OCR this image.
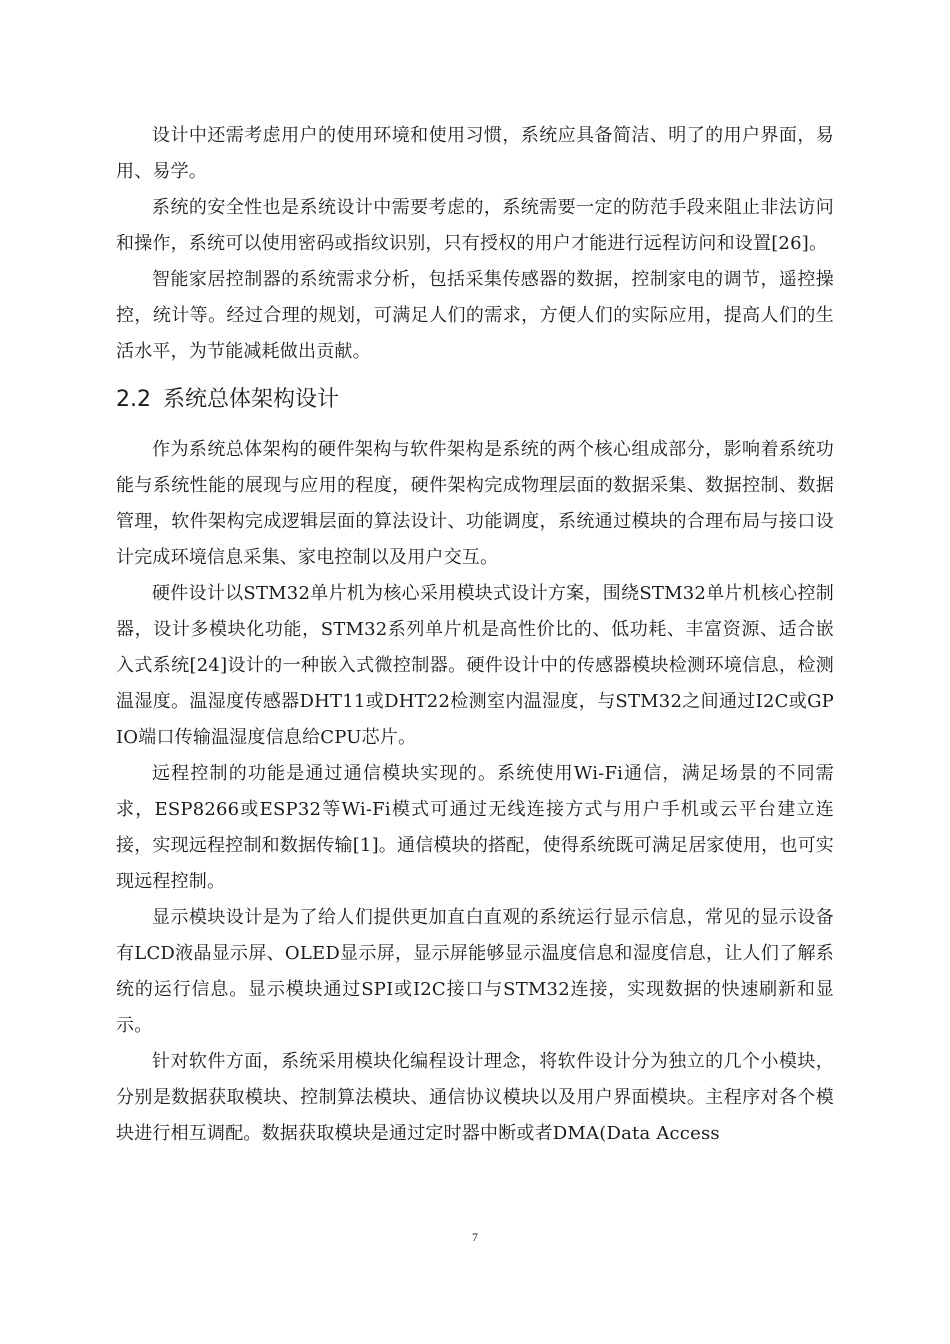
设计中还需考虑用户的使用环境和使用习惯，系统应具备简洁、明了的用户界面，易用、易学。

系统的安全性也是系统设计中需要考虑的，系统需要一定的防范手段来阻止非法访问和操作，系统可以使用密码或指纹识别，只有授权的用户才能进行远程访问和设置[26]。

智能家居控制器的系统需求分析，包括采集传感器的数据，控制家电的调节，遥控操控，统计等。经过合理的规划，可满足人们的需求，方便人们的实际应用，提高人们的生活水平，为节能减耗做出贡献。

2.2 系统总体架构设计

作为系统总体架构的硬件架构与软件架构是系统的两个核心组成部分，影响着系统功能与系统性能的展现与应用的程度，硬件架构完成物理层面的数据采集、数据控制、数据管理，软件架构完成逻辑层面的算法设计、功能调度，系统通过模块的合理布局与接口设计完成环境信息采集、家电控制以及用户交互。

硬件设计以STM32单片机为核心采用模块式设计方案，围绕STM32单片机核心控制器，设计多模块化功能，STM32系列单片机是高性价比的、低功耗、丰富资源、适合嵌入式系统[24]设计的一种嵌入式微控制器。硬件设计中的传感器模块检测环境信息，检测温湿度。温湿度传感器DHT11或DHT22检测室内温湿度，与STM32之间通过I2C或GPIO端口传输温湿度信息给CPU芯片。

远程控制的功能是通过通信模块实现的。系统使用Wi-Fi通信，满足场景的不同需求，ESP8266或ESP32等Wi-Fi模式可通过无线连接方式与用户手机或云平台建立连接，实现远程控制和数据传输[1]。通信模块的搭配，使得系统既可满足居家使用，也可实现远程控制。

显示模块设计是为了给人们提供更加直白直观的系统运行显示信息，常见的显示设备有LCD液晶显示屏、OLED显示屏，显示屏能够显示温度信息和湿度信息，让人们了解系统的运行信息。显示模块通过SPI或I2C接口与STM32连接，实现数据的快速刷新和显示。

针对软件方面，系统采用模块化编程设计理念，将软件设计分为独立的几个小模块，分别是数据获取模块、控制算法模块、通信协议模块以及用户界面模块。主程序对各个模块进行相互调配。数据获取模块是通过定时器中断或者DMA(Data Access

7
